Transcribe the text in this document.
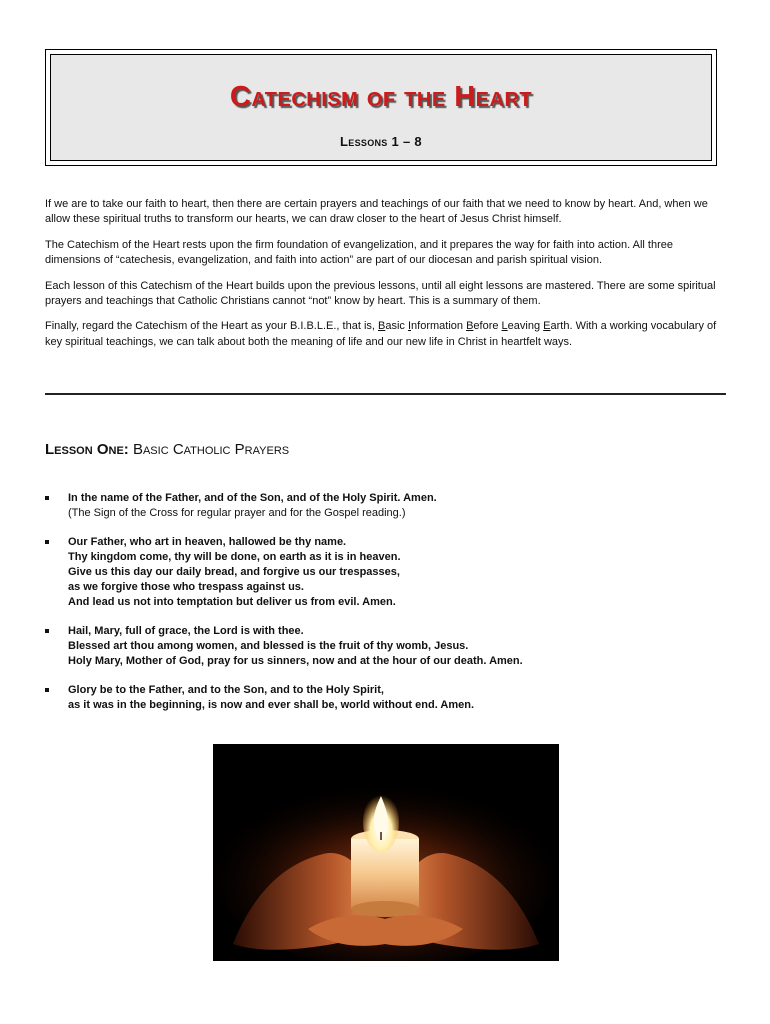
Catechism of the Heart
Lessons 1 – 8

If we are to take our faith to heart, then there are certain prayers and teachings of our faith that we need to know by heart. And, when we allow these spiritual truths to transform our hearts, we can draw closer to the heart of Jesus Christ himself.

The Catechism of the Heart rests upon the firm foundation of evangelization, and it prepares the way for faith into action. All three dimensions of “catechesis, evangelization, and faith into action” are part of our diocesan and parish spiritual vision.

Each lesson of this Catechism of the Heart builds upon the previous lessons, until all eight lessons are mastered. There are some spiritual prayers and teachings that Catholic Christians cannot “not” know by heart. This is a summary of them.

Finally, regard the Catechism of the Heart as your B.I.B.L.E., that is, Basic Information Before Leaving Earth. With a working vocabulary of key spiritual teachings, we can talk about both the meaning of life and our new life in Christ in heartfelt ways.

Lesson One: Basic Catholic Prayers
In the name of the Father, and of the Son, and of the Holy Spirit. Amen.
(The Sign of the Cross for regular prayer and for the Gospel reading.)
Our Father, who art in heaven, hallowed be thy name.
Thy kingdom come, thy will be done, on earth as it is in heaven.
Give us this day our daily bread, and forgive us our trespasses,
as we forgive those who trespass against us.
And lead us not into temptation but deliver us from evil. Amen.
Hail, Mary, full of grace, the Lord is with thee.
Blessed art thou among women, and blessed is the fruit of thy womb, Jesus.
Holy Mary, Mother of God, pray for us sinners, now and at the hour of our death. Amen.
Glory be to the Father, and to the Son, and to the Holy Spirit,
as it was in the beginning, is now and ever shall be, world without end. Amen.
